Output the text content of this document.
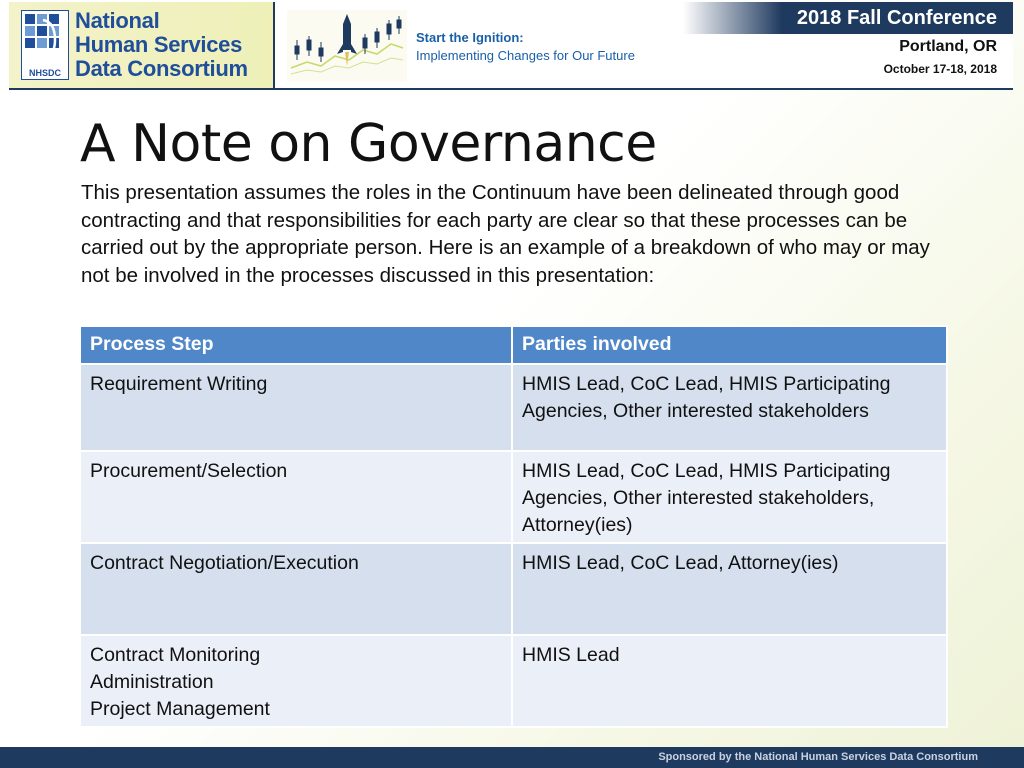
NHSDC
National
Human Services
Data Consortium
Start the Ignition:
Implementing Changes for Our Future
2018 Fall Conference
Portland, OR
October 17-18, 2018
A Note on Governance
This presentation assumes the roles in the Continuum have been delineated through good contracting and that responsibilities for each party are clear so that these processes can be carried out by the appropriate person. Here is an example of a breakdown of who may or may not be involved in the processes discussed in this presentation:
Process Step	Parties involved

Requirement Writing	HMIS Lead, CoC Lead, HMIS Participating Agencies, Other interested stakeholders

Procurement/Selection	HMIS Lead, CoC Lead, HMIS Participating Agencies, Other interested stakeholders, Attorney(ies)

Contract Negotiation/Execution	HMIS Lead, CoC Lead, Attorney(ies)

Contract Monitoring
Administration
Project Management	HMIS Lead
Sponsored by the National Human Services Data Consortium
